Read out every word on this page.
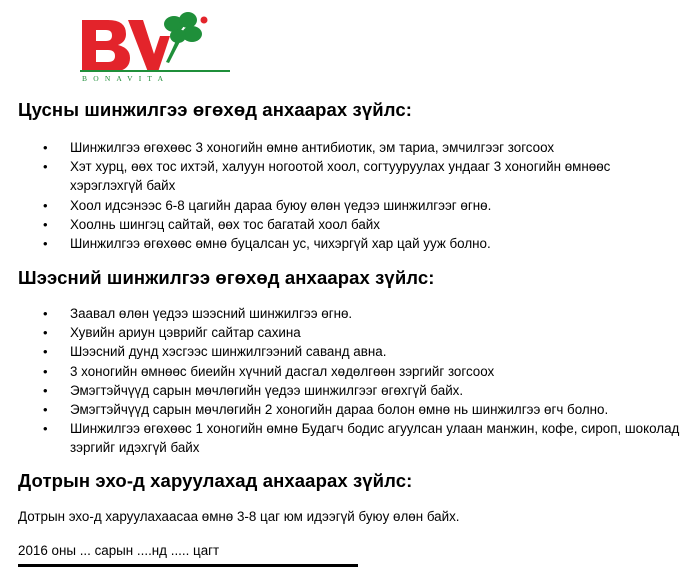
BONAVITA
Цусны шинжилгээ өгөхөд анхаарах зүйлс:
• Шинжилгээ өгөхөөс 3 хоногийн өмнө антибиотик, эм тариа, эмчилгээг зогсоох
• Хэт хурц, өөх тос ихтэй, халуун ногоотой хоол, согтууруулах ундааг 3 хоногийн өмнөөс хэрэглэхгүй байх
• Хоол идсэнээс 6-8 цагийн дараа буюу өлөн үедээ шинжилгээг өгнө.
• Хоолнь шингэц сайтай, өөх тос багатай хоол байх
• Шинжилгээ өгөхөөс өмнө буцалсан ус, чихэргүй хар цай ууж болно.
Шээсний шинжилгээ өгөхөд анхаарах зүйлс:
• Заавал өлөн үедээ шээсний шинжилгээ өгнө.
• Хувийн ариун цэврийг сайтар сахина
• Шээсний дунд хэсгээс шинжилгээний саванд авна.
• 3 хоногийн өмнөөс биеийн хүчний дасгал хөдөлгөөн зэргийг зогсоох
• Эмэгтэйчүүд сарын мөчлөгийн үедээ шинжилгээг өгөхгүй байх.
• Эмэгтэйчүүд сарын мөчлөгийн 2 хоногийн дараа болон өмнө нь шинжилгээ өгч болно.
• Шинжилгээ өгөхөөс 1 хоногийн өмнө Будагч бодис агуулсан улаан манжин, кофе, сироп, шоколад зэргийг идэхгүй байх
Дотрын эхо-д харуулахад анхаарах зүйлс:

Дотрын эхо-д харуулахаасаа өмнө 3-8 цаг юм идээгүй буюу өлөн байх.

2016 оны ... сарын ....нд ..... цагт
